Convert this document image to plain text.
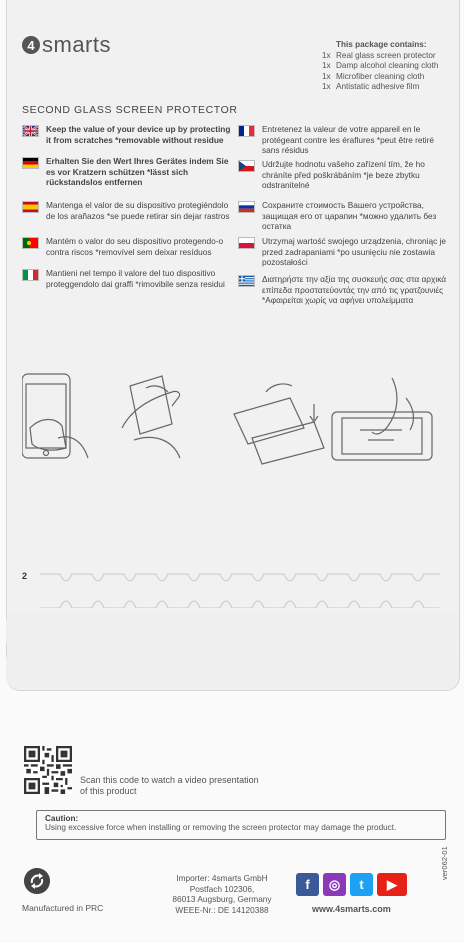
4 smarts	This package contains:
1x Real glass screen protector
1x Damp alcohol cleaning cloth
1x Microfiber cleaning cloth
1x Antistatic adhesive film
SECOND GLASS SCREEN PROTECTOR
Keep the value of your device up by protecting it from scratches *removable without residue
Erhalten Sie den Wert Ihres Gerätes indem Sie es vor Kratzern schützen *lässt sich rückstandslos entfernen
Mantenga el valor de su dispositivo protegiéndolo de los arañazos *se puede retirar sin dejar rastros
Mantém o valor do seu dispositivo protegendo-o contra riscos *removível sem deixar resíduos
Mantieni nel tempo il valore del tuo dispositivo proteggendolo dai graffi *rimovibile senza residui
Entretenez la valeur de votre appareil en le protégeant contre les éraflures *peut être retiré sans résidus
Udržujte hodnotu vašeho zařízení tím, že ho chráníte před poškrábáním *je beze zbytku odstranitelné
Сохраните стоимость Вашего устройства, защищая его от царапин *можно удалить без остатка
Utrzymaj wartość swojego urządzenia, chroniąc je przed zadrapaniami *po usunięciu nie zostawia pozostałości
Διατηρήστε την αξία της συσκευής σας στα αρχικά επίπεδα προστατεύοντάς την από τις γρατζουνιές *Αφαιρείται χωρίς να αφήνει υπολείμματα
2
Scan this code to watch a video presentation of this product
Caution:
Using excessive force when installing or removing the screen protector may damage the product.
Manufactured in PRC
Importer: 4smarts GmbH
Postfach 102306,
86013 Augsburg, Germany
WEEE-Nr.: DE 14120388
f	◎	t	▶
www.4smarts.com
ver062-01
